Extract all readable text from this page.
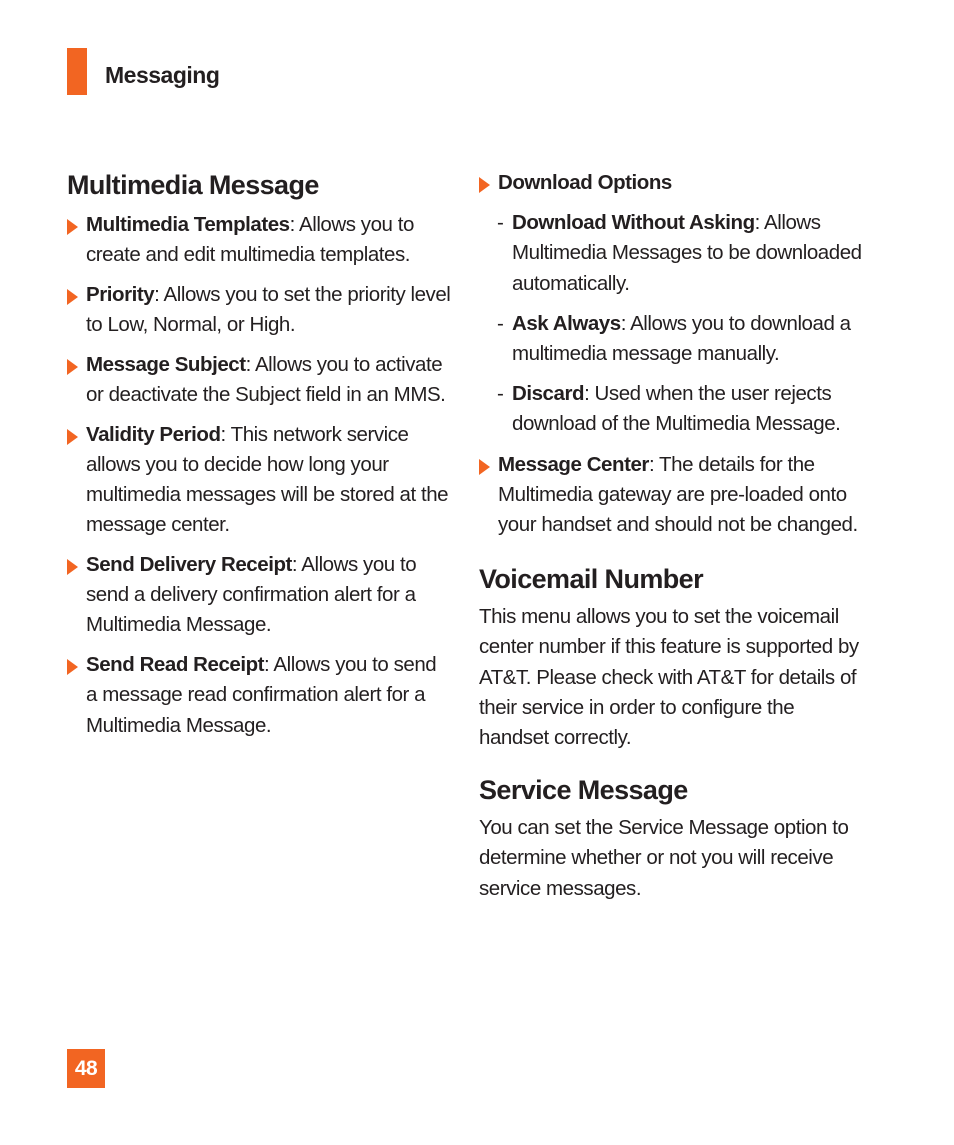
Messaging
Multimedia Message
Multimedia Templates: Allows you to create and edit multimedia templates.
Priority: Allows you to set the priority level to Low, Normal, or High.
Message Subject: Allows you to activate or deactivate the Subject field in an MMS.
Validity Period: This network service allows you to decide how long your multimedia messages will be stored at the message center.
Send Delivery Receipt: Allows you to send a delivery confirmation alert for a Multimedia Message.
Send Read Receipt: Allows you to send a message read confirmation alert for a Multimedia Message.
Download Options
- Download Without Asking: Allows Multimedia Messages to be downloaded automatically.
- Ask Always: Allows you to download a multimedia message manually.
- Discard: Used when the user rejects download of the Multimedia Message.
Message Center: The details for the Multimedia gateway are pre-loaded onto your handset and should not be changed.
Voicemail Number
This menu allows you to set the voicemail center number if this feature is supported by AT&T. Please check with AT&T for details of their service in order to configure the handset correctly.
Service Message
You can set the Service Message option to determine whether or not you will receive service messages.
48
